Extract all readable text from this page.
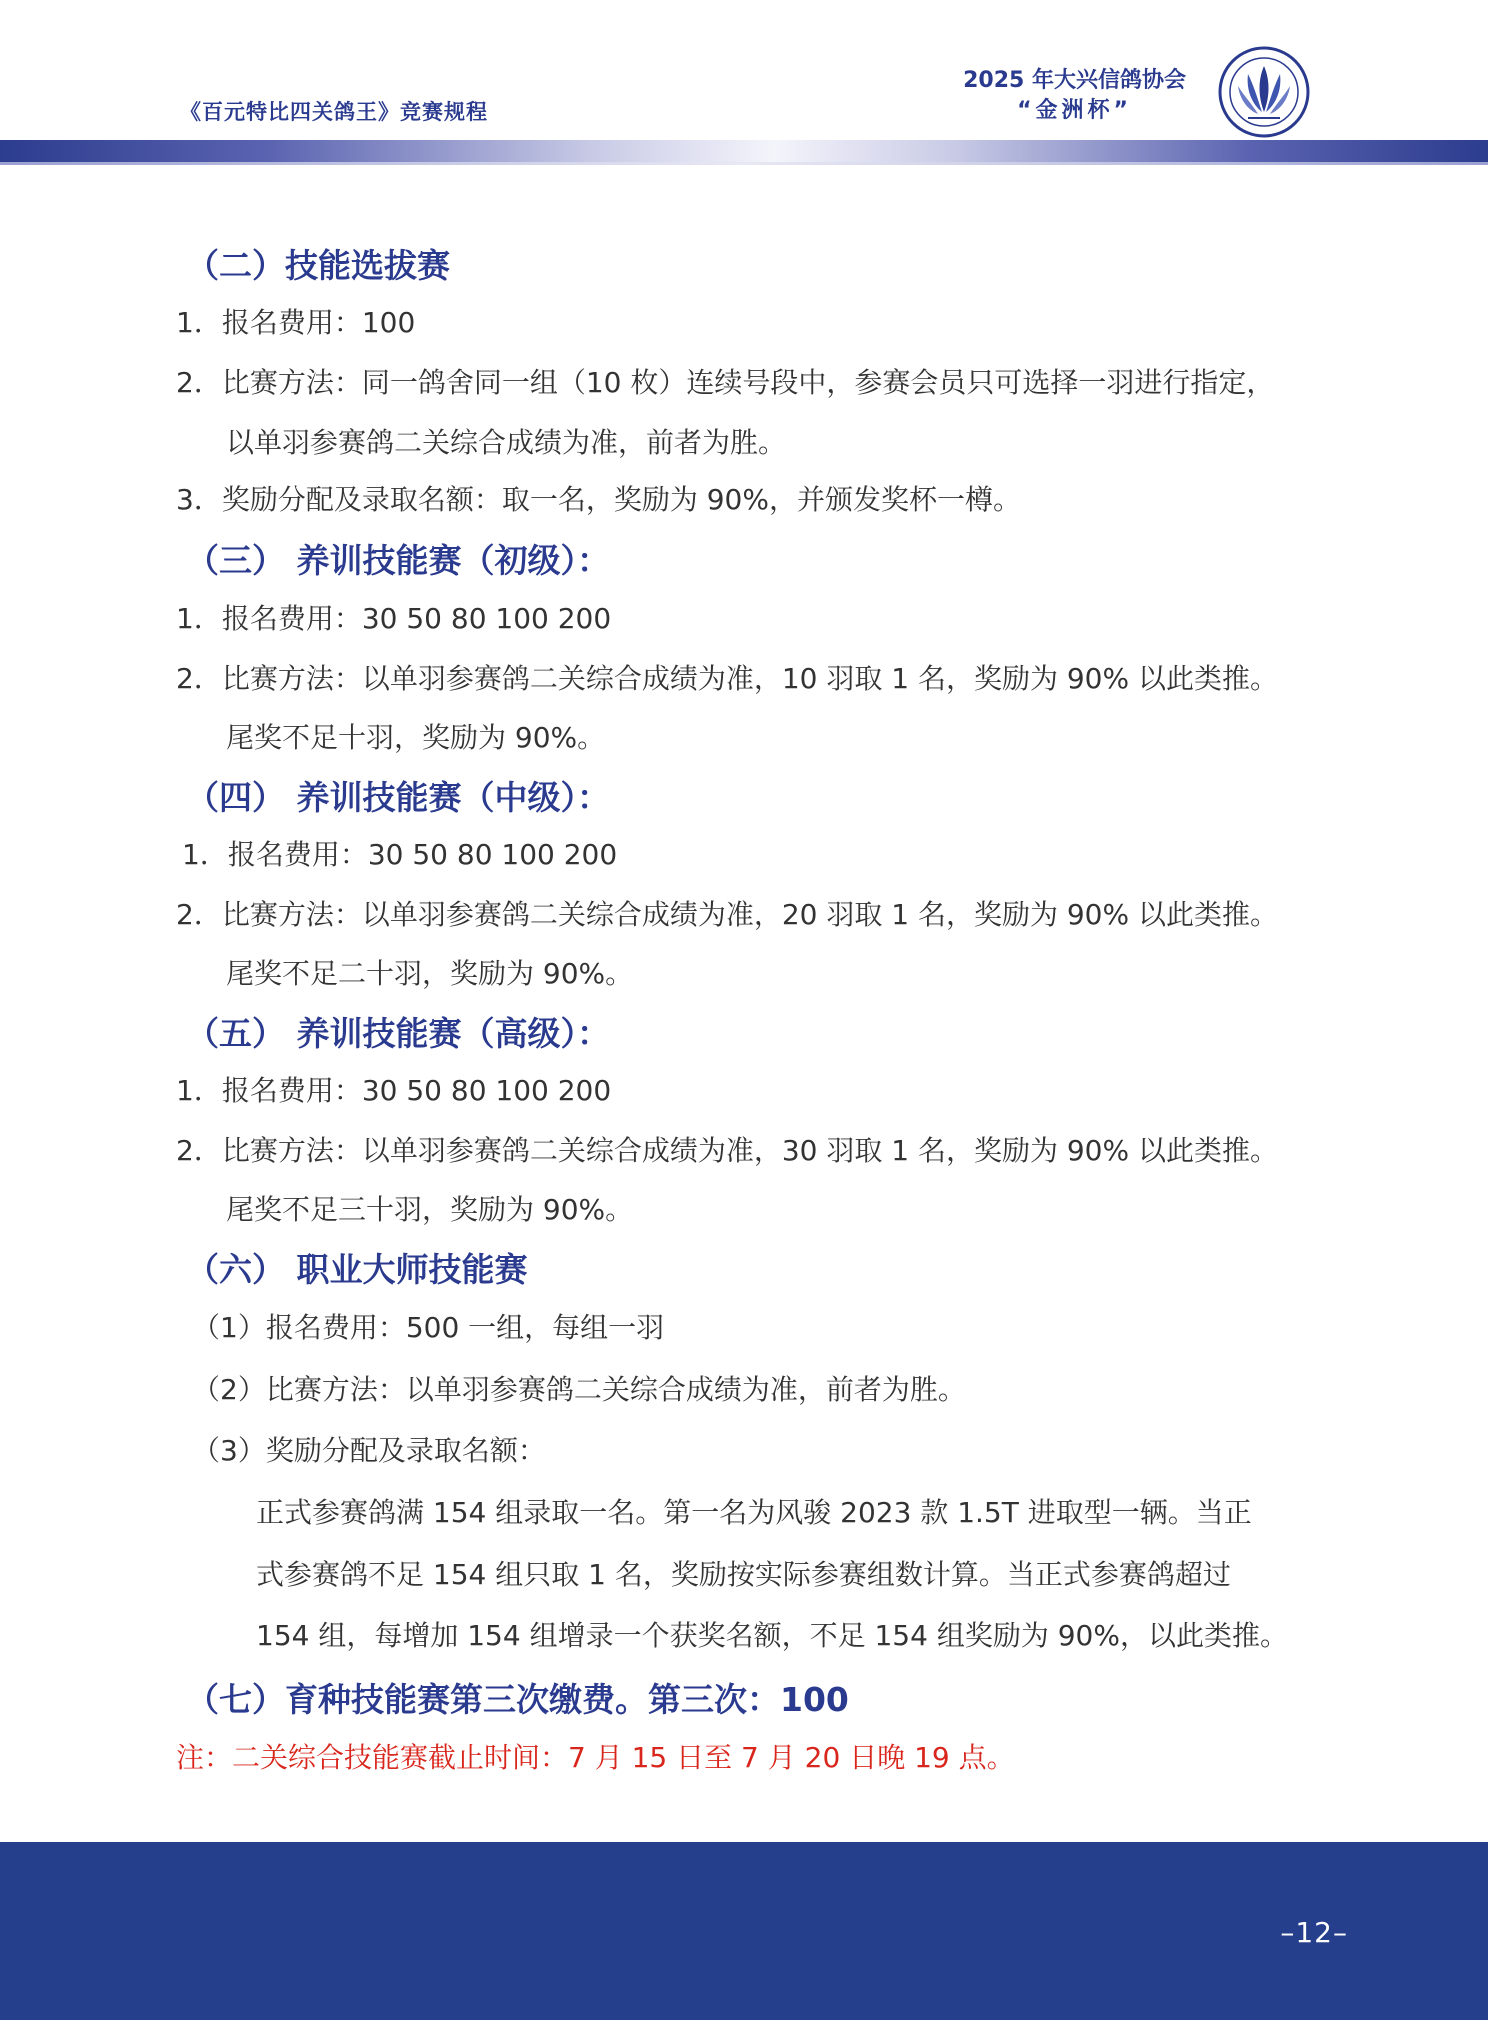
《百元特比四关鸽王》竞赛规程
2025 年大兴信鸽协会
“金洲杯”
（二）技能选拔赛
1．报名费用：100
2．比赛方法：同一鸽舍同一组（10 枚）连续号段中，参赛会员只可选择一羽进行指定，
以单羽参赛鸽二关综合成绩为准，前者为胜。
3．奖励分配及录取名额：取一名，奖励为 90%，并颁发奖杯一樽。
（三） 养训技能赛（初级）：
1．报名费用：30 50 80 100 200
2．比赛方法：以单羽参赛鸽二关综合成绩为准，10 羽取 1 名，奖励为 90% 以此类推。
尾奖不足十羽，奖励为 90%。
（四） 养训技能赛（中级）：
1．报名费用：30 50 80 100 200
2．比赛方法：以单羽参赛鸽二关综合成绩为准，20 羽取 1 名，奖励为 90% 以此类推。
尾奖不足二十羽，奖励为 90%。
（五） 养训技能赛（高级）：
1．报名费用：30 50 80 100 200
2．比赛方法：以单羽参赛鸽二关综合成绩为准，30 羽取 1 名，奖励为 90% 以此类推。
尾奖不足三十羽，奖励为 90%。
（六） 职业大师技能赛
（1）报名费用：500 一组，每组一羽
（2）比赛方法：以单羽参赛鸽二关综合成绩为准，前者为胜。
（3）奖励分配及录取名额：
正式参赛鸽满 154 组录取一名。第一名为风骏 2023 款 1.5T 进取型一辆。当正
式参赛鸽不足 154 组只取 1 名，奖励按实际参赛组数计算。当正式参赛鸽超过
154 组，每增加 154 组增录一个获奖名额，不足 154 组奖励为 90%，以此类推。
（七）育种技能赛第三次缴费。第三次：100
注：二关综合技能赛截止时间：7 月 15 日至 7 月 20 日晚 19 点。
–12–
